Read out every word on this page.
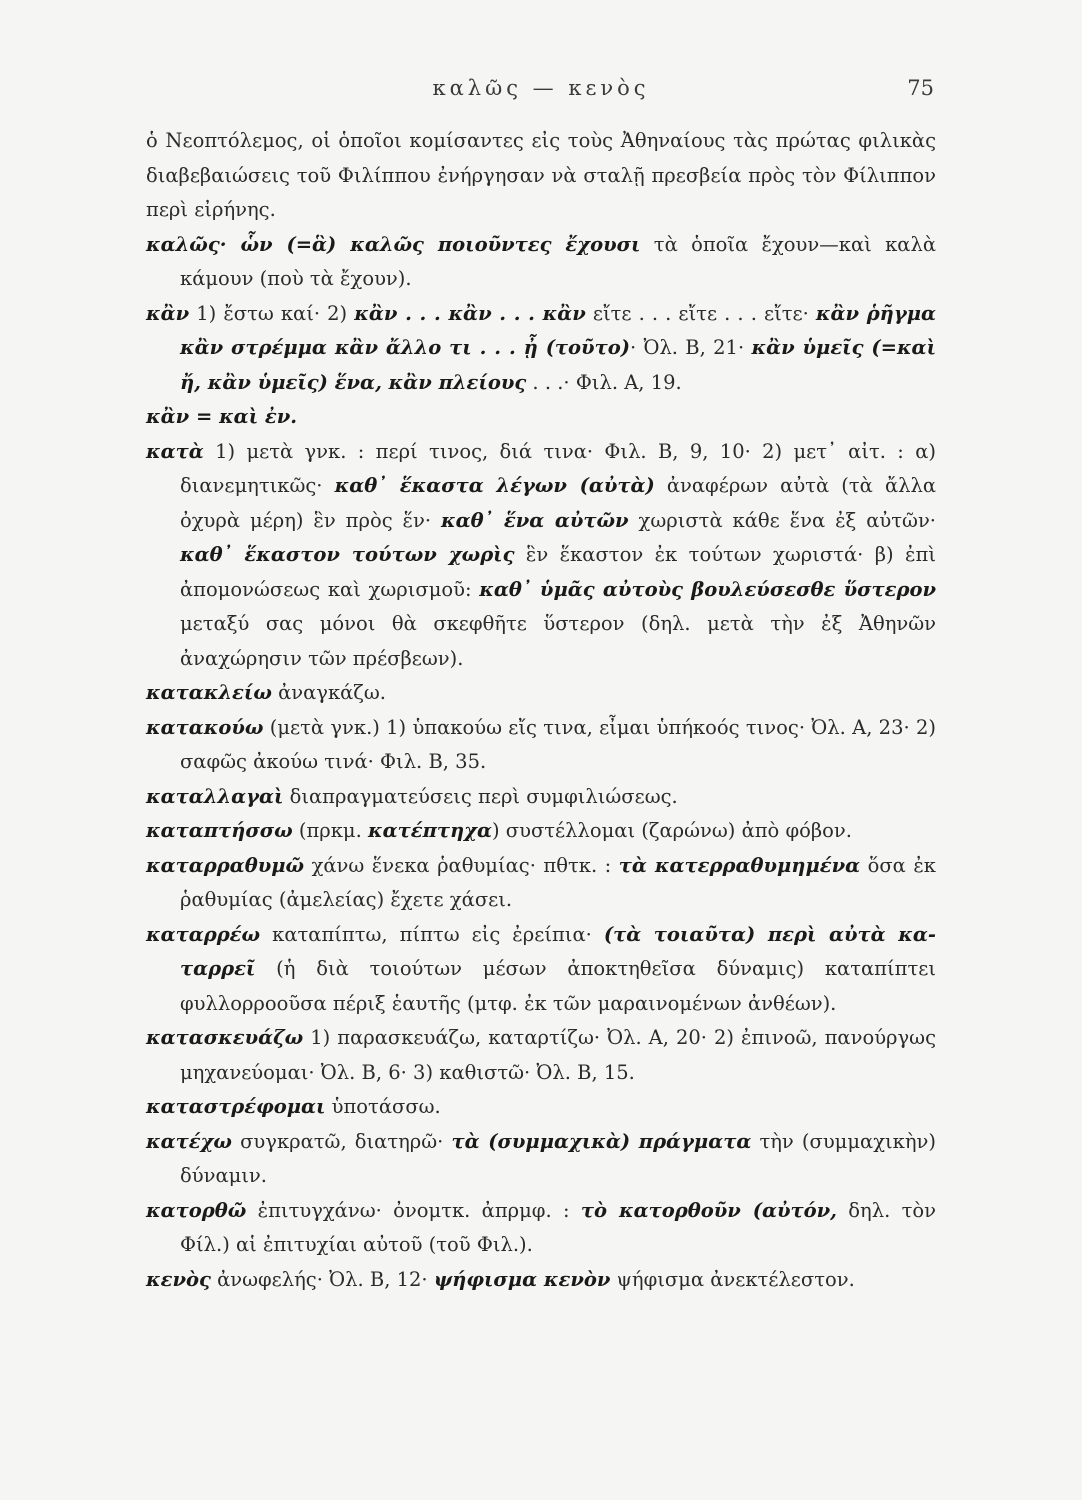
καλῶς — κενὸς	75

ὁ Νεοπτόλεμος, οἱ ὁποῖοι κομίσαντες εἰς τοὺς Ἀθηναίους τὰς πρώτας φιλικὰς διαβεβαιώσεις τοῦ Φιλίππου ἐνήργησαν νὰ σταλῇ πρεσβεία πρὸς τὸν Φίλιππον περὶ εἰρήνης.

καλῶς· ὧν (=ἃ) καλῶς ποιοῦντες ἔχουσι τὰ ὁποῖα ἔχουν—καὶ καλὰ κάμουν (ποὺ τὰ ἔχουν).

κἂν 1) ἔστω καί· 2) κἂν . . . κἂν . . . κἂν εἴτε . . . εἴτε . . . εἴτε· κἂν ῥῆγμα κἂν στρέμμα κἂν ἄλλο τι . . . ᾖ (τοῦτο)· Ὀλ. Β, 21· κἂν ὑμεῖς (=καὶ ἤ, κἂν ὑμεῖς) ἕνα, κἂν πλείους . . .· Φιλ. Α, 19.

κἂν = καὶ ἐν.

κατὰ 1) μετὰ γνκ. : περί τινος, διά τινα· Φιλ. Β, 9, 10· 2) μετ᾽ αἰτ. : α) διανεμητικῶς· καθ᾽ ἕκαστα λέγων (αὐτὰ) ἀναφέρων αὐτὰ (τὰ ἄλλα ὀχυρὰ μέρη) ἓν πρὸς ἕν· καθ᾽ ἕνα αὐτῶν χωριστὰ κάθε ἕνα ἐξ αὐτῶν· καθ᾽ ἕκαστον τούτων χωρὶς ἓν ἕκαστον ἐκ τούτων χωριστά· β) ἐπὶ ἀπομονώσεως καὶ χωρισμοῦ: καθ᾽ ὑμᾶς αὐτοὺς βουλεύσεσθε ὕστερον μεταξύ σας μόνοι θὰ σκεφθῆτε ὕστερον (δηλ. μετὰ τὴν ἐξ Ἀθηνῶν ἀναχώρησιν τῶν πρέσβεων).

κατακλείω ἀναγκάζω.

κατακούω (μετὰ γνκ.) 1) ὑπακούω εἴς τινα, εἶμαι ὑπήκοός τινος· Ὀλ. Α, 23· 2) σαφῶς ἀκούω τινά· Φιλ. Β, 35.

καταλλαγαὶ διαπραγματεύσεις περὶ συμφιλιώσεως.

καταπτήσσω (πρκμ. κατέπτηχα) συστέλλομαι (ζαρώνω) ἀπὸ φόβον.

καταρραθυμῶ χάνω ἕνεκα ῥαθυμίας· πθτκ. : τὰ κατερραθυμημένα ὅσα ἐκ ῥαθυμίας (ἀμελείας) ἔχετε χάσει.

καταρρέω καταπίπτω, πίπτω εἰς ἐρείπια· (τὰ τοιαῦτα) περὶ αὐτὰ καταρρεῖ (ἡ διὰ τοιούτων μέσων ἀποκτηθεῖσα δύναμις) καταπίπτει φυλλορροοῦσα πέριξ ἑαυτῆς (μτφ. ἐκ τῶν μαραινομένων ἀνθέων).

κατασκευάζω 1) παρασκευάζω, καταρτίζω· Ὀλ. Α, 20· 2) ἐπινοῶ, πανούργως μηχανεύομαι· Ὀλ. Β, 6· 3) καθιστῶ· Ὀλ. Β, 15.

καταστρέφομαι ὑποτάσσω.

κατέχω συγκρατῶ, διατηρῶ· τὰ (συμμαχικὰ) πράγματα τὴν (συμμαχικὴν) δύναμιν.

κατορθῶ ἐπιτυγχάνω· ὀνομτκ. ἀπρμφ. : τὸ κατορθοῦν (αὐτόν, δηλ. τὸν Φίλ.) αἱ ἐπιτυχίαι αὐτοῦ (τοῦ Φιλ.).

κενὸς ἀνωφελής· Ὀλ. Β, 12· ψήφισμα κενὸν ψήφισμα ἀνεκτέλεστον.
